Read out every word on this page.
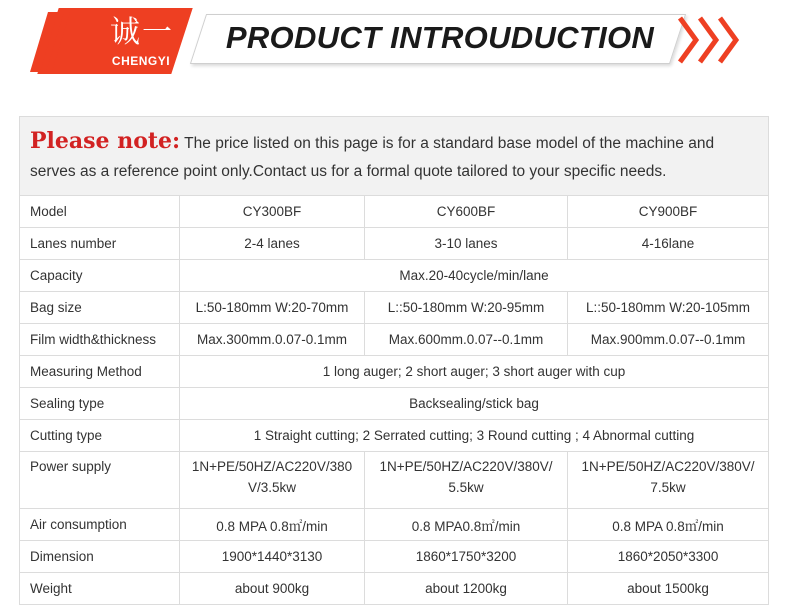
诚一
CHENGYI
PRODUCT INTROUDUCTION
Please note: The price listed on this page is for a standard base model of the machine and serves as a reference point only.Contact us for a formal quote tailored to your specific needs.			
Model	CY300BF	CY600BF	CY900BF
Lanes number	2-4 lanes	3-10 lanes	4-16lane
Capacity	Max.20-40cycle/min/lane		
Bag size	L:50-180mm W:20-70mm	L::50-180mm W:20-95mm	L::50-180mm W:20-105mm
Film width&thickness	Max.300mm.0.07-0.1mm	Max.600mm.0.07--0.1mm	Max.900mm.0.07--0.1mm
Measuring Method	1 long auger; 2 short auger; 3 short auger with cup		
Sealing type	Backsealing/stick bag		
Cutting type	1 Straight cutting; 2 Serrated cutting; 3 Round cutting ; 4 Abnormal cutting		
Power supply	1N+PE/50HZ/AC220V/380V/3.5kw	1N+PE/50HZ/AC220V/380V/5.5kw	1N+PE/50HZ/AC220V/380V/7.5kw
Air consumption	0.8 MPA 0.8㎡/min	0.8 MPA0.8㎡/min	0.8 MPA 0.8㎡/min
Dimension	1900*1440*3130	1860*1750*3200	1860*2050*3300
Weight	about 900kg	about 1200kg	about 1500kg
